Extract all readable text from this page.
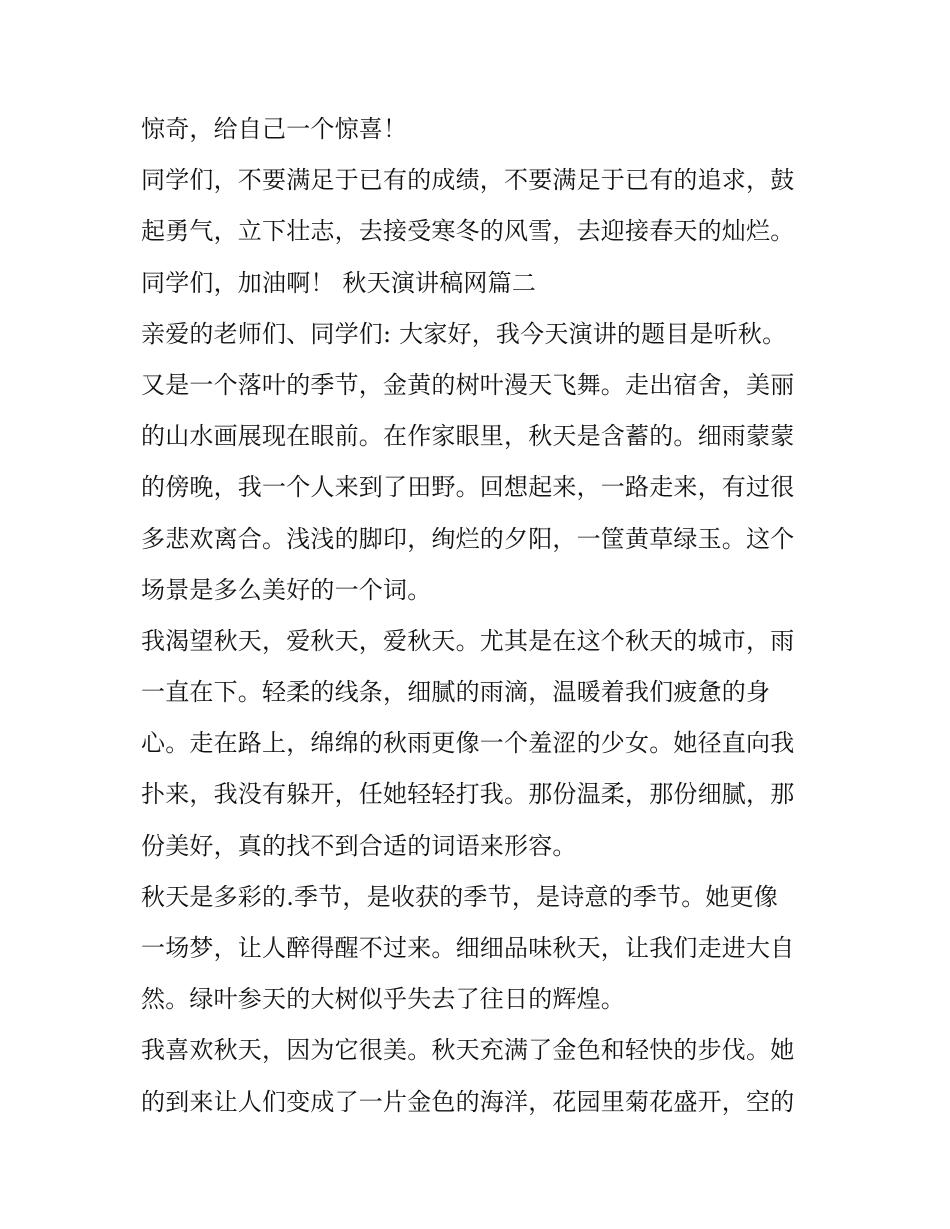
惊奇，给自己一个惊喜！
同学们，不要满足于已有的成绩，不要满足于已有的追求，鼓
起勇气，立下壮志，去接受寒冬的风雪，去迎接春天的灿烂。
同学们，加油啊！ 秋天演讲稿网篇二
亲爱的老师们、同学们: 大家好，我今天演讲的题目是听秋。
又是一个落叶的季节，金黄的树叶漫天飞舞。走出宿舍，美丽
的山水画展现在眼前。在作家眼里，秋天是含蓄的。细雨蒙蒙
的傍晚，我一个人来到了田野。回想起来，一路走来，有过很
多悲欢离合。浅浅的脚印，绚烂的夕阳，一筐黄草绿玉。这个
场景是多么美好的一个词。
我渴望秋天，爱秋天，爱秋天。尤其是在这个秋天的城市，雨
一直在下。轻柔的线条，细腻的雨滴，温暖着我们疲惫的身
心。走在路上，绵绵的秋雨更像一个羞涩的少女。她径直向我
扑来，我没有躲开，任她轻轻打我。那份温柔，那份细腻，那
份美好，真的找不到合适的词语来形容。
秋天是多彩的.季节，是收获的季节，是诗意的季节。她更像
一场梦，让人醉得醒不过来。细细品味秋天，让我们走进大自
然。绿叶参天的大树似乎失去了往日的辉煌。
我喜欢秋天，因为它很美。秋天充满了金色和轻快的步伐。她
的到来让人们变成了一片金色的海洋，花园里菊花盛开，空的
